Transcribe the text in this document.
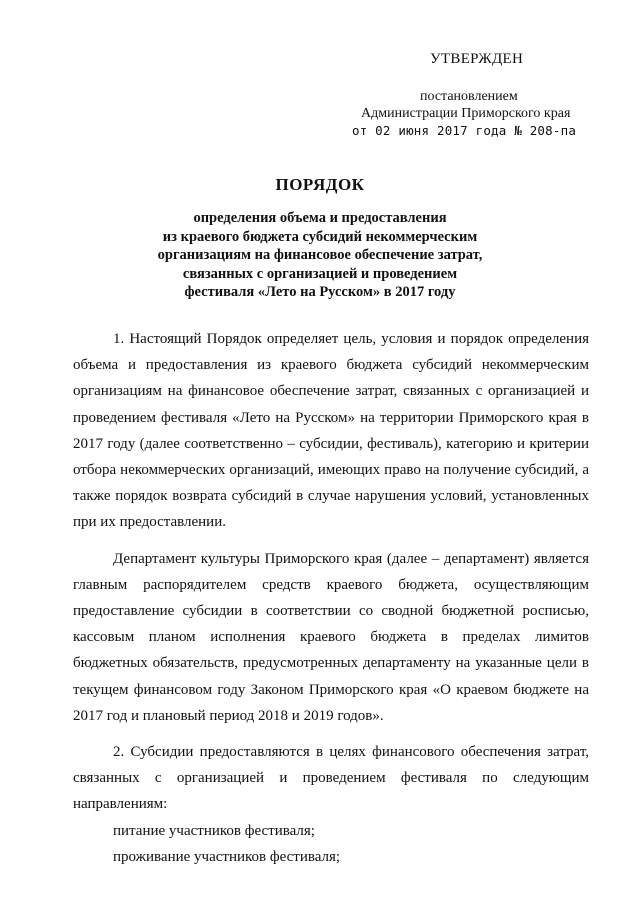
УТВЕРЖДЕН
постановлением
Администрации Приморского края
от 02 июня 2017 года № 208-па
ПОРЯДОК
определения объема и предоставления
из краевого бюджета субсидий некоммерческим
организациям на финансовое обеспечение затрат,
связанных с организацией и проведением
фестиваля «Лето на Русском» в 2017 году

1. Настоящий Порядок определяет цель, условия и порядок определения объема и предоставления из краевого бюджета субсидий некоммерческим организациям на финансовое обеспечение затрат, связанных с организацией и проведением фестиваля «Лето на Русском» на территории Приморского края в 2017 году (далее соответственно – субсидии, фестиваль), категорию и критерии отбора некоммерческих организаций, имеющих право на получение субсидий, а также порядок возврата субсидий в случае нарушения условий, установленных при их предоставлении.

Департамент культуры Приморского края (далее – департамент) является главным распорядителем средств краевого бюджета, осуществляющим предоставление субсидии в соответствии со сводной бюджетной росписью, кассовым планом исполнения краевого бюджета в пределах лимитов бюджетных обязательств, предусмотренных департаменту на указанные цели в текущем финансовом году Законом Приморского края «О краевом бюджете на 2017 год и плановый период 2018 и 2019 годов».

2. Субсидии предоставляются в целях финансового обеспечения затрат, связанных с организацией и проведением фестиваля по следующим направлениям:

питание участников фестиваля;

проживание участников фестиваля;
